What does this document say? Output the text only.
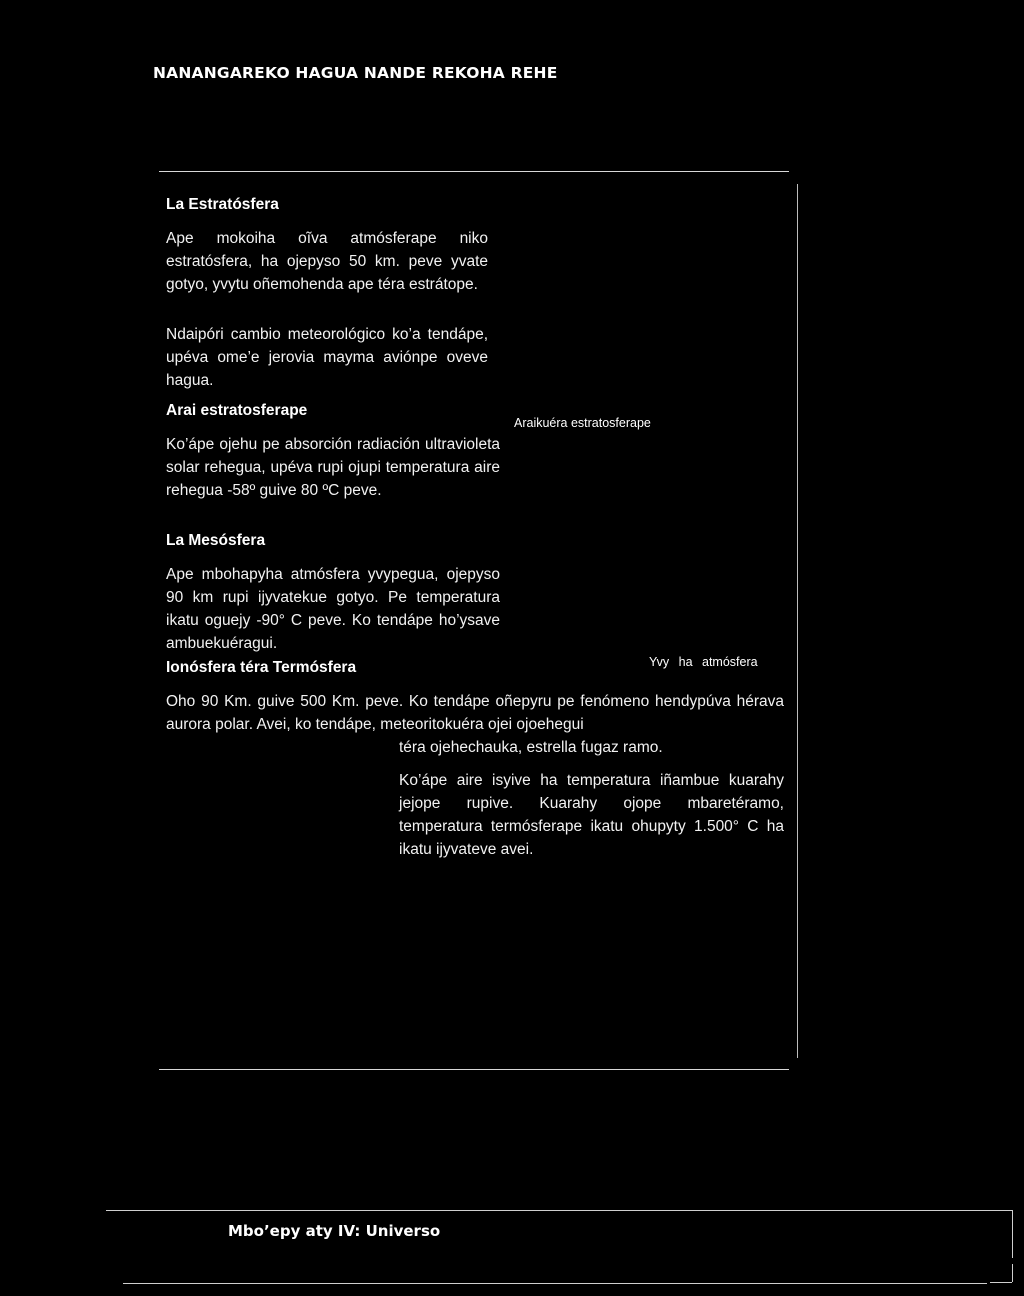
NANANGAREKO HAGUA NANDE REKOHA REHE
La Estratósfera

Ape mokoiha oĩva atmósferape niko estratósfera, ha ojepyso 50 km. peve yvate gotyo, yvytu oñemohenda ape téra estrátope.

Ndaipóri cambio meteorológico ko’a tendápe, upéva ome’e jerovia mayma aviónpe oveve hagua.

Arai estratosferape

Ko’ápe ojehu pe absorción radiación ultravioleta solar rehegua, upéva rupi ojupi temperatura aire rehegua -58º guive 80 ºC peve.

Araikuéra estratosferape
La Mesósfera

Ape mbohapyha atmósfera yvypegua, ojepyso 90 km rupi ijyvatekue gotyo. Pe temperatura ikatu oguejy -90° C peve. Ko tendápe ho’ysave ambuekuéragui.

Ionósfera téra Termósfera	Yvy ha atmósfera

Oho 90 Km. guive 500 Km. peve. Ko tendápe oñepyru pe fenómeno hendypúva hérava aurora polar. Avei, ko tendápe, meteoritokuéra ojei ojoehegui

téra ojehechauka, estrella fugaz ramo.

Ko’ápe aire isyive ha temperatura iñambue kuarahy jejope rupive. Kuarahy ojope mbaretéramo, temperatura termósferape ikatu ohupyty 1.500° C ha ikatu ijyvateve avei.

Mbo’epy aty IV: Universo
